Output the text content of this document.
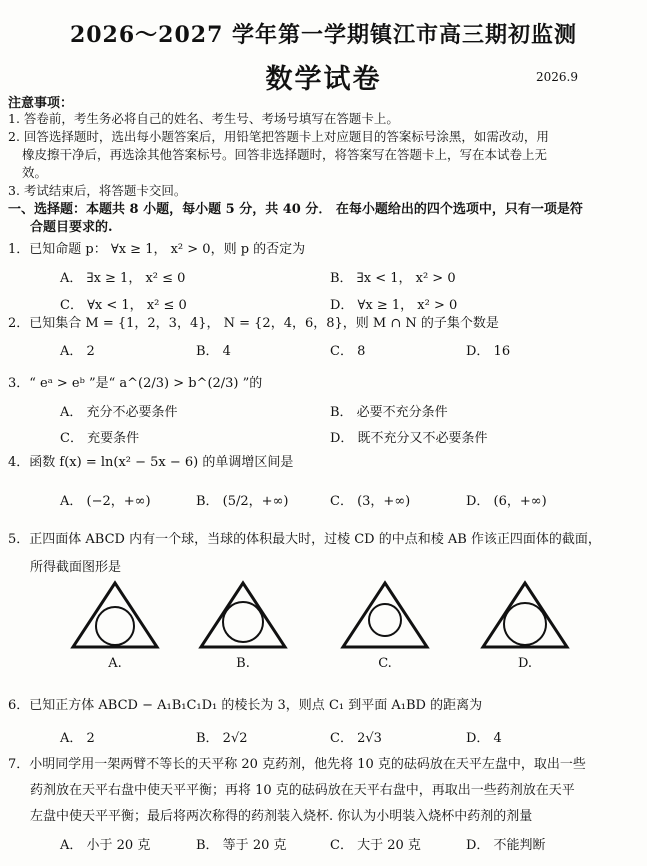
2026～2027 学年第一学期镇江市高三期初监测
数学试卷	2026.9
注意事项：
1. 答卷前，考生务必将自己的姓名、考生号、考场号填写在答题卡上。
2. 回答选择题时，选出每小题答案后，用铅笔把答题卡上对应题目的答案标号涂黑，如需改动，用
橡皮擦干净后，再选涂其他答案标号。回答非选择题时，将答案写在答题卡上，写在本试卷上无
效。
3. 考试结束后，将答题卡交回。
一、选择题：本题共 8 小题，每小题 5 分，共 40 分． 在每小题给出的四个选项中，只有一项是符
合题目要求的.
1．已知命题 p： ∀x ≥ 1， x² > 0，则 p 的否定为
A． ∃x ≥ 1， x² ≤ 0	B． ∃x < 1， x² > 0
C． ∀x < 1， x² ≤ 0	D． ∀x ≥ 1， x² > 0
2．已知集合 M = {1，2，3，4}， N = {2，4，6，8}，则 M ∩ N 的子集个数是
A． 2	B． 4	C． 8	D． 16
3．“ eᵃ > eᵇ ”是“ a^(2/3) > b^(2/3) ”的
A． 充分不必要条件	B． 必要不充分条件
C． 充要条件	D． 既不充分又不必要条件
4．函数 f(x) = ln(x² − 5x − 6) 的单调增区间是
A． (−2，+∞)	B． (5/2，+∞)	C． (3，+∞)	D． (6，+∞)
5．正四面体 ABCD 内有一个球，当球的体积最大时，过棱 CD 的中点和棱 AB 作该正四面体的截面，
所得截面图形是
A.	B.	C.	D.
6．已知正方体 ABCD − A₁B₁C₁D₁ 的棱长为 3，则点 C₁ 到平面 A₁BD 的距离为
A． 2	B． 2√2	C． 2√3	D． 4
7．小明同学用一架两臂不等长的天平称 20 克药剂，他先将 10 克的砝码放在天平左盘中，取出一些
药剂放在天平右盘中使天平平衡；再将 10 克的砝码放在天平右盘中，再取出一些药剂放在天平
左盘中使天平平衡；最后将两次称得的药剂装入烧杯. 你认为小明装入烧杯中药剂的剂量
A． 小于 20 克	B． 等于 20 克	C． 大于 20 克	D． 不能判断
